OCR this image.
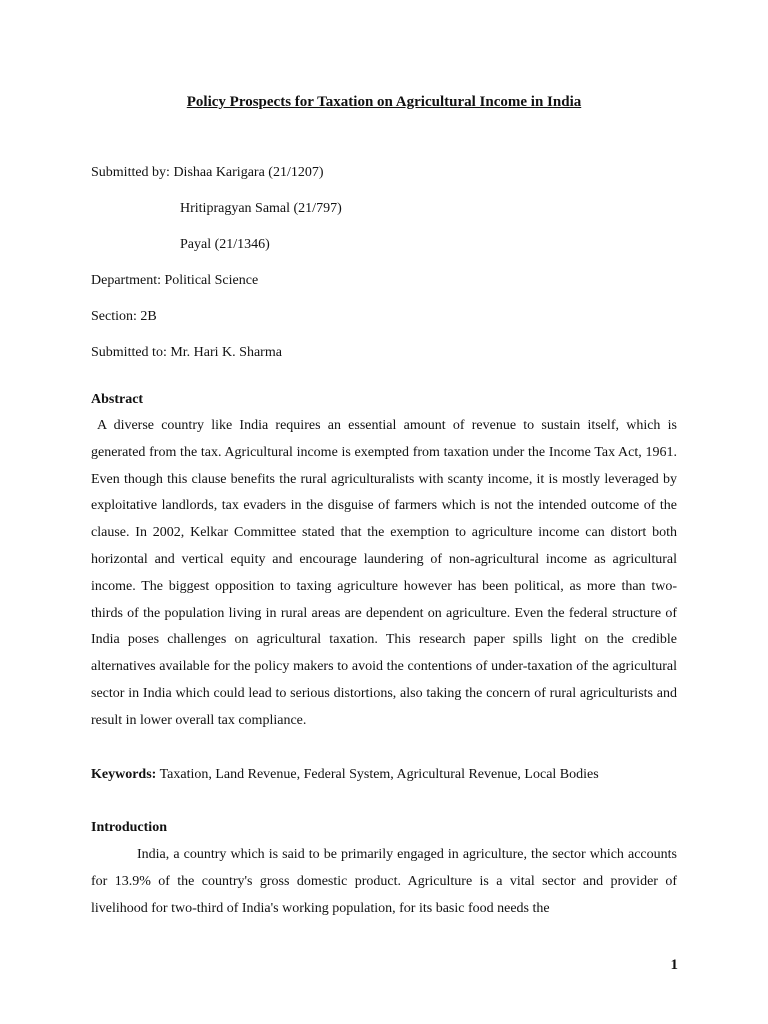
Policy Prospects for Taxation on Agricultural Income in India
Submitted by: Dishaa Karigara (21/1207)
Hritipragyan Samal (21/797)
Payal (21/1346)
Department: Political Science
Section: 2B
Submitted to: Mr. Hari K. Sharma
Abstract
A diverse country like India requires an essential amount of revenue to sustain itself, which is generated from the tax. Agricultural income is exempted from taxation under the Income Tax Act, 1961. Even though this clause benefits the rural agriculturalists with scanty income, it is mostly leveraged by exploitative landlords, tax evaders in the disguise of farmers which is not the intended outcome of the clause. In 2002, Kelkar Committee stated that the exemption to agriculture income can distort both horizontal and vertical equity and encourage laundering of non-agricultural income as agricultural income. The biggest opposition to taxing agriculture however has been political, as more than two-thirds of the population living in rural areas are dependent on agriculture. Even the federal structure of India poses challenges on agricultural taxation. This research paper spills light on the credible alternatives available for the policy makers to avoid the contentions of under-taxation of the agricultural sector in India which could lead to serious distortions, also taking the concern of rural agriculturists and result in lower overall tax compliance.
Keywords: Taxation, Land Revenue, Federal System, Agricultural Revenue, Local Bodies
Introduction
India, a country which is said to be primarily engaged in agriculture, the sector which accounts for 13.9% of the country's gross domestic product. Agriculture is a vital sector and provider of livelihood for two-third of India's working population, for its basic food needs the
1
